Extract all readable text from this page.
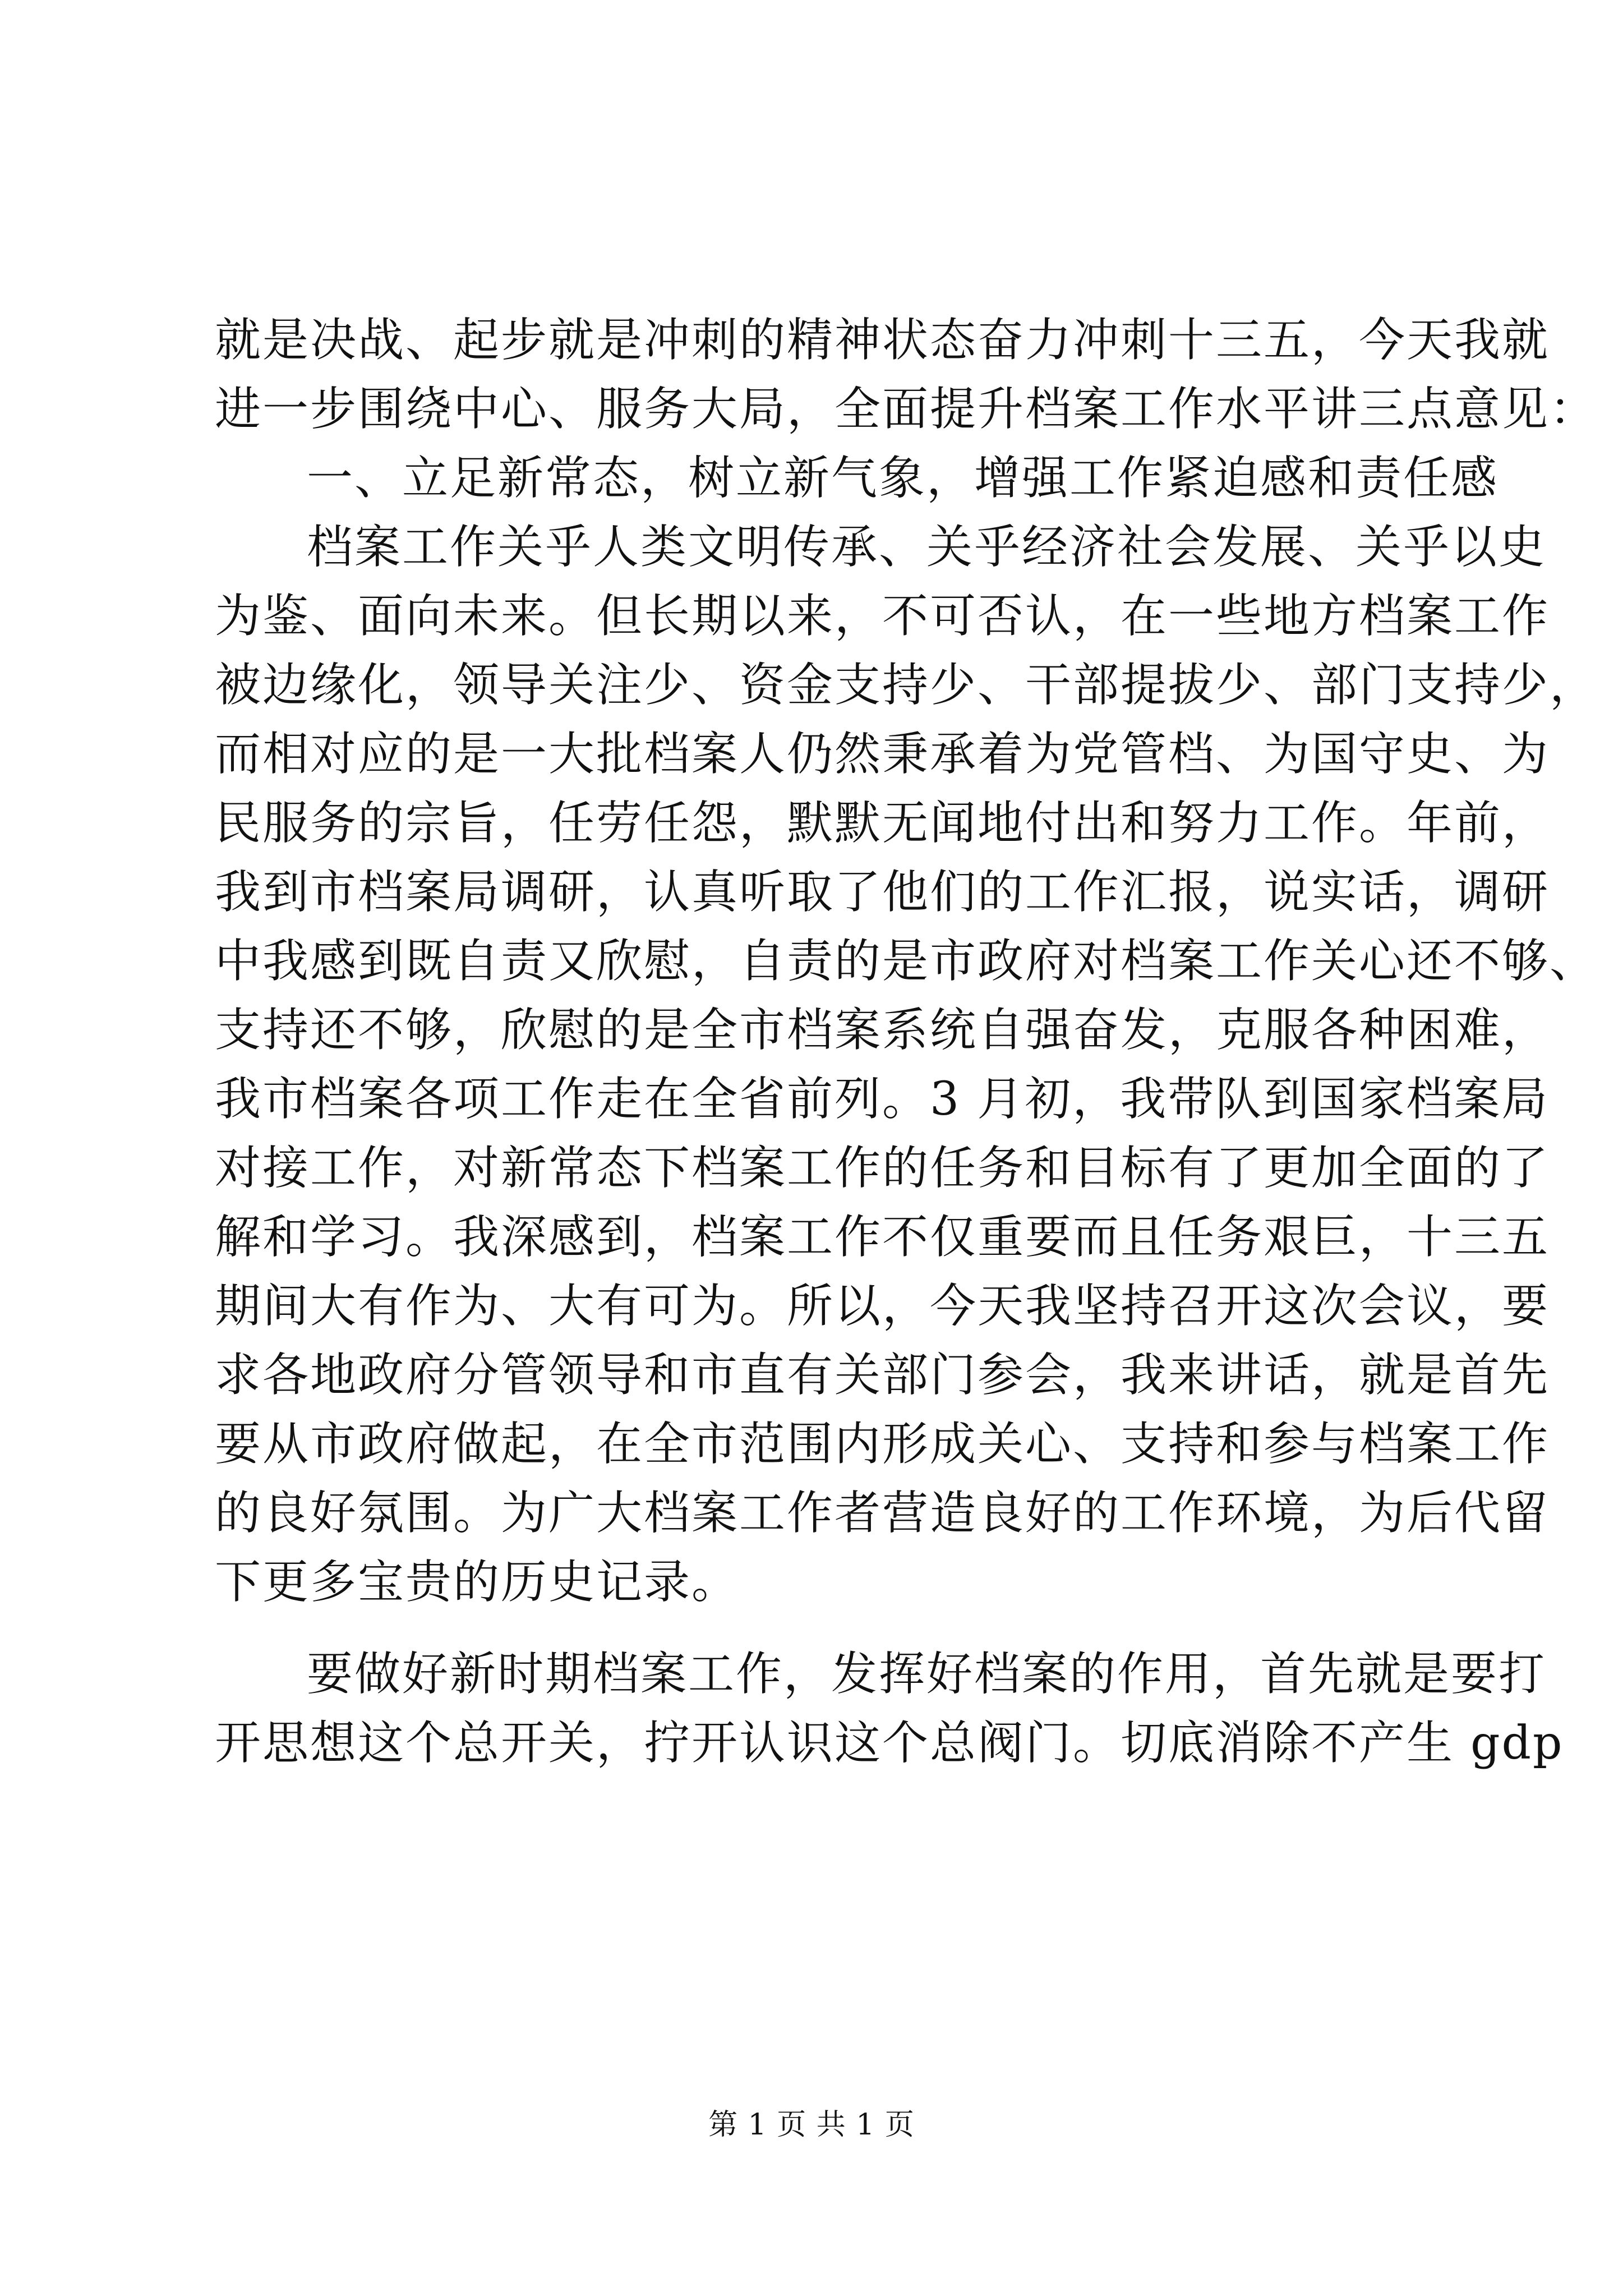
就是决战、起步就是冲刺的精神状态奋力冲刺十三五，今天我就
进一步围绕中心、服务大局，全面提升档案工作水平讲三点意见：
一、立足新常态，树立新气象，增强工作紧迫感和责任感
档案工作关乎人类文明传承、关乎经济社会发展、关乎以史
为鉴、面向未来。但长期以来，不可否认，在一些地方档案工作
被边缘化，领导关注少、资金支持少、干部提拔少、部门支持少，
而相对应的是一大批档案人仍然秉承着为党管档、为国守史、为
民服务的宗旨，任劳任怨，默默无闻地付出和努力工作。年前，
我到市档案局调研，认真听取了他们的工作汇报，说实话，调研
中我感到既自责又欣慰，自责的是市政府对档案工作关心还不够、
支持还不够，欣慰的是全市档案系统自强奋发，克服各种困难，
我市档案各项工作走在全省前列。3 月初，我带队到国家档案局
对接工作，对新常态下档案工作的任务和目标有了更加全面的了
解和学习。我深感到，档案工作不仅重要而且任务艰巨，十三五
期间大有作为、大有可为。所以，今天我坚持召开这次会议，要
求各地政府分管领导和市直有关部门参会，我来讲话，就是首先
要从市政府做起，在全市范围内形成关心、支持和参与档案工作
的良好氛围。为广大档案工作者营造良好的工作环境，为后代留
下更多宝贵的历史记录。
要做好新时期档案工作，发挥好档案的作用，首先就是要打
开思想这个总开关，拧开认识这个总阀门。切底消除不产生 gdp
第 1 页 共 1 页
